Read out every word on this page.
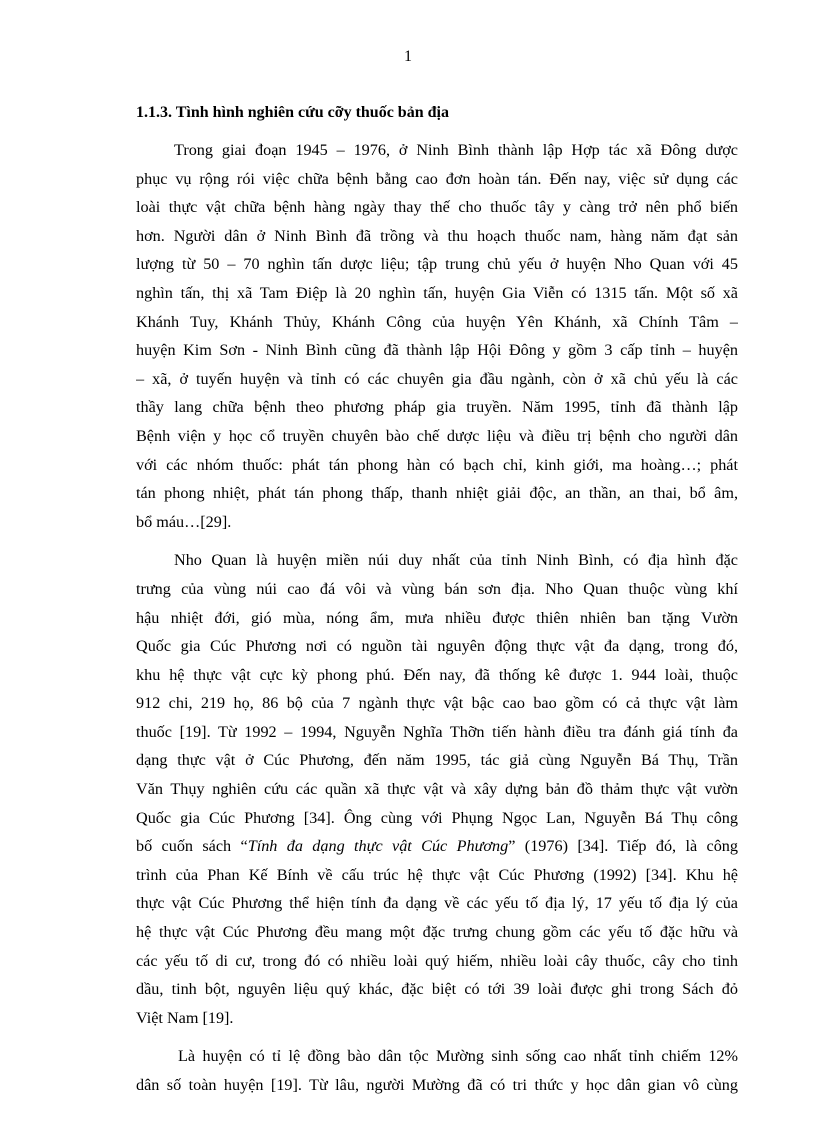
1
1.1.3. Tình hình nghiên cứu cỡy thuốc bản địa
Trong giai đoạn 1945 – 1976, ở Ninh Bình thành lập Hợp tác xã Đông dược
phục vụ rộng rói việc chữa bệnh bằng cao đơn hoàn tán. Đến nay, việc sử dụng các
loài thực vật chữa bệnh hàng ngày thay thế cho thuốc tây y càng trở nên phổ biến
hơn. Người dân ở Ninh Bình đã trồng và thu hoạch thuốc nam, hàng năm đạt sản
lượng từ 50 – 70 nghìn tấn dược liệu; tập trung chủ yếu ở huyện Nho Quan với 45
nghìn tấn, thị xã Tam Điệp là 20 nghìn tấn, huyện Gia Viễn có 1315 tấn. Một số xã
Khánh Tuy, Khánh Thủy, Khánh Công của huyện Yên Khánh, xã Chính Tâm –
huyện Kim Sơn - Ninh Bình cũng đã thành lập Hội Đông y gồm 3 cấp tỉnh – huyện
– xã, ở tuyến huyện và tỉnh có các chuyên gia đầu ngành, còn ở xã chủ yếu là các
thầy lang chữa bệnh theo phương pháp gia truyền. Năm 1995, tỉnh đã thành lập
Bệnh viện y học cổ truyền chuyên bào chế dược liệu và điều trị bệnh cho người dân
với các nhóm thuốc: phát tán phong hàn có bạch chỉ, kinh giới, ma hoàng…; phát
tán phong nhiệt, phát tán phong thấp, thanh nhiệt giải độc, an thần, an thai, bổ âm,
bổ máu…[29].
Nho Quan là huyện miền núi duy nhất của tỉnh Ninh Bình, có địa hình đặc
trưng của vùng núi cao đá vôi và vùng bán sơn địa. Nho Quan thuộc vùng khí
hậu nhiệt đới, gió mùa, nóng ẩm, mưa nhiều được thiên nhiên ban tặng Vườn
Quốc gia Cúc Phương nơi có nguồn tài nguyên động thực vật đa dạng, trong đó,
khu hệ thực vật cực kỳ phong phú. Đến nay, đã thống kê được 1. 944 loài, thuộc
912 chi, 219 họ, 86 bộ của 7 ngành thực vật bậc cao bao gồm có cả thực vật làm
thuốc [19]. Từ 1992 – 1994, Nguyễn Nghĩa Thỡn tiến hành điều tra đánh giá tính đa
dạng thực vật ở Cúc Phương, đến năm 1995, tác giả cùng Nguyễn Bá Thụ, Trần
Văn Thụy nghiên cứu các quần xã thực vật và xây dựng bản đồ thảm thực vật vườn
Quốc gia Cúc Phương [34]. Ông cùng với Phụng Ngọc Lan, Nguyễn Bá Thụ công
bố cuốn sách “Tính đa dạng thực vật Cúc Phương” (1976) [34]. Tiếp đó, là công
trình của Phan Kế Bính về cấu trúc hệ thực vật Cúc Phương (1992) [34]. Khu hệ
thực vật Cúc Phương thể hiện tính đa dạng về các yếu tố địa lý, 17 yếu tố địa lý của
hệ thực vật Cúc Phương đều mang một đặc trưng chung gồm các yếu tố đặc hữu và
các yếu tố di cư, trong đó có nhiều loài quý hiếm, nhiều loài cây thuốc, cây cho tinh
dầu, tinh bột, nguyên liệu quý khác, đặc biệt có tới 39 loài được ghi trong Sách đỏ
Việt Nam [19].
Là huyện có tỉ lệ đồng bào dân tộc Mường sinh sống cao nhất tỉnh chiếm 12%
dân số toàn huyện [19]. Từ lâu, người Mường đã có tri thức y học dân gian vô cùng
